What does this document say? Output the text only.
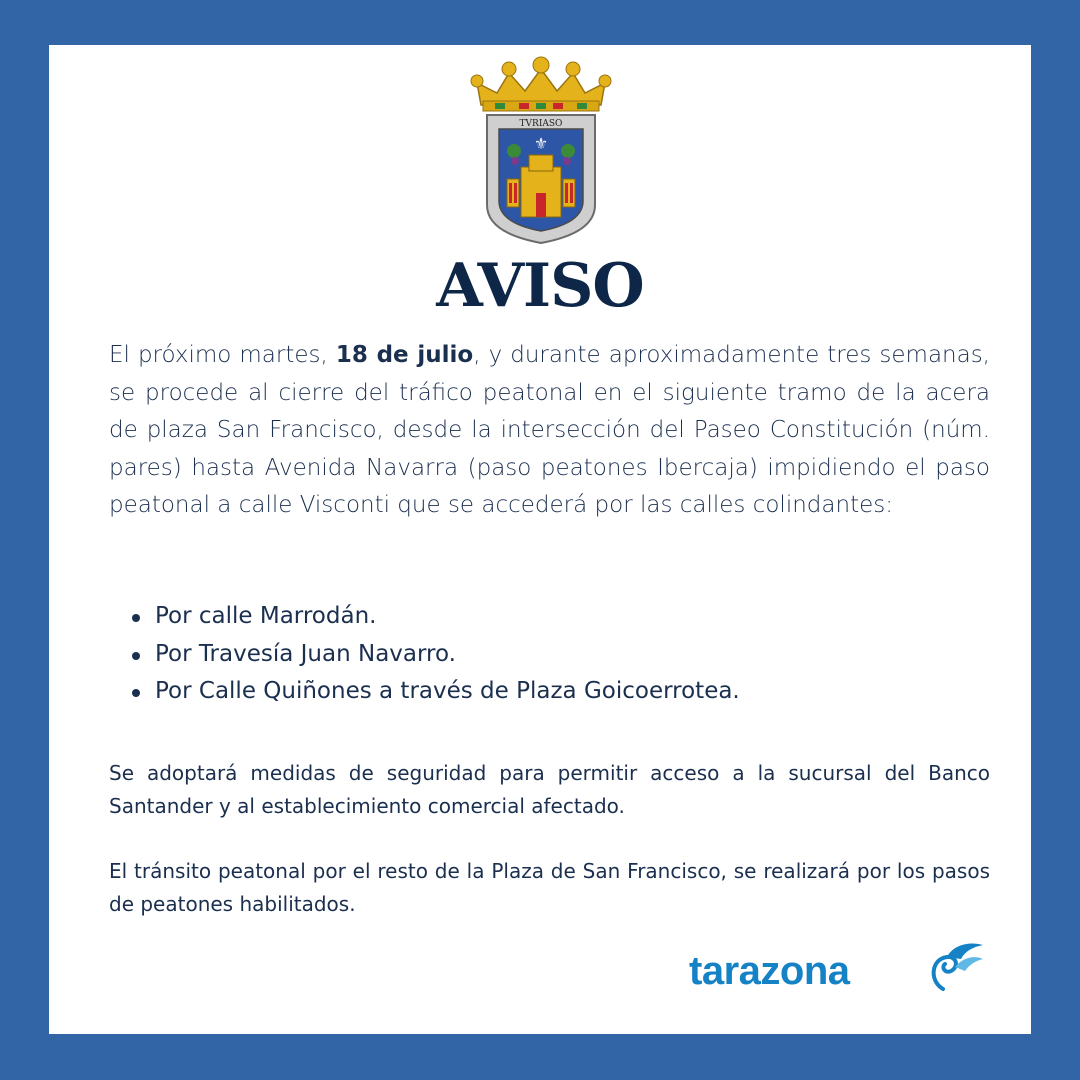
TVRIASO
⚜
AVISO

El próximo martes, 18 de julio, y durante aproximadamente tres semanas, se procede al cierre del tráfico peatonal en el siguiente tramo de la acera de plaza San Francisco, desde la intersección del Paseo Constitución (núm. pares) hasta Avenida Navarra (paso peatones Ibercaja) impidiendo el paso peatonal a calle Visconti que se accederá por las calles colindantes:

Por calle Marrodán.
Por Travesía Juan Navarro.
Por Calle Quiñones a través de Plaza Goicoerrotea.

Se adoptará medidas de seguridad para permitir acceso a la sucursal del Banco Santander y al establecimiento comercial afectado.

El tránsito peatonal por el resto de la Plaza de San Francisco, se realizará por los pasos de peatones habilitados.

tarazona
